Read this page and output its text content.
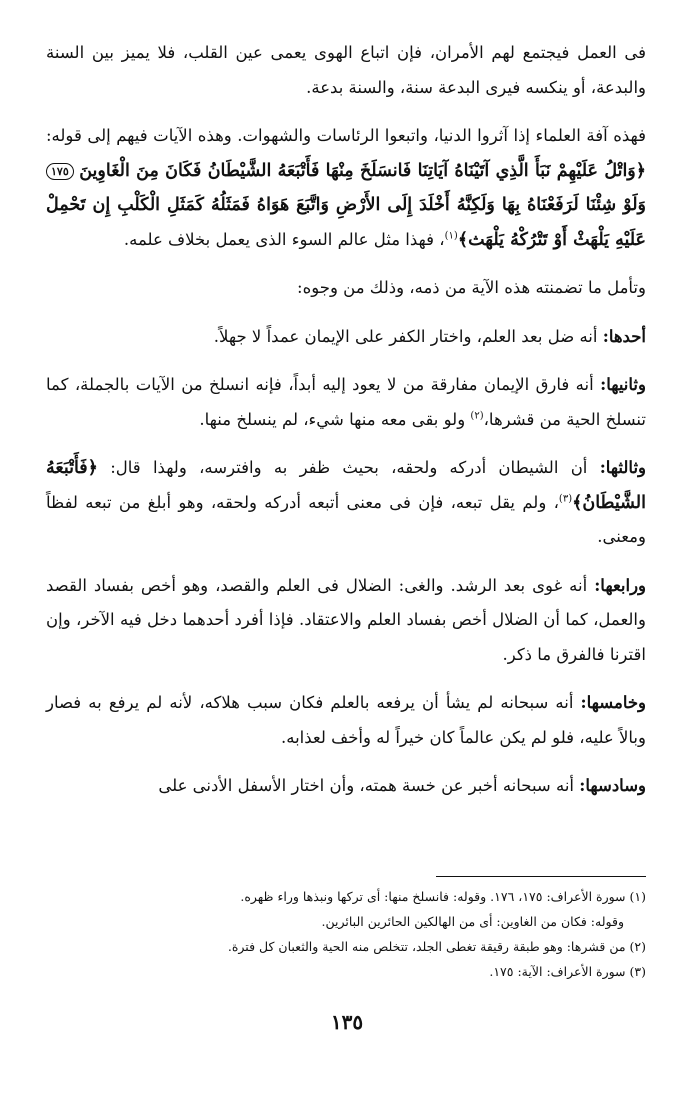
فى العمل فيجتمع لهم الأمران، فإن اتباع الهوى يعمى عين القلب، فلا يميز بين السنة والبدعة، أو ينكسه فيرى البدعة سنة، والسنة بدعة.

فهذه آفة العلماء إذا آثروا الدنيا، واتبعوا الرئاسات والشهوات. وهذه الآيات فيهم إلى قوله: ﴿وَاتْلُ عَلَيْهِمْ نَبَأَ الَّذِي آتَيْنَاهُ آيَاتِنَا فَانسَلَخَ مِنْهَا فَأَتْبَعَهُ الشَّيْطَانُ فَكَانَ مِنَ الْغَاوِينَ ١٧٥ وَلَوْ شِئْنَا لَرَفَعْنَاهُ بِهَا وَلَكِنَّهُ أَخْلَدَ إِلَى الأَرْضِ وَاتَّبَعَ هَوَاهُ فَمَثَلُهُ كَمَثَلِ الْكَلْبِ إِن تَحْمِلْ عَلَيْهِ يَلْهَثْ أَوْ تَتْرُكْهُ يَلْهَث﴾$^{(١)}$، فهذا مثل عالم السوء الذى يعمل بخلاف علمه.

وتأمل ما تضمنته هذه الآية من ذمه، وذلك من وجوه:

أحدها: أنه ضل بعد العلم، واختار الكفر على الإيمان عمداً لا جهلاً.

وثانيها: أنه فارق الإيمان مفارقة من لا يعود إليه أبداً، فإنه انسلخ من الآيات بالجملة، كما تنسلخ الحية من قشرها،$^{(٢)}$ ولو بقى معه منها شيء، لم ينسلخ منها.

وثالثها: أن الشيطان أدركه ولحقه، بحيث ظفر به وافترسه، ولهذا قال: ﴿فَأَتْبَعَهُ الشَّيْطَانُ﴾$^{(٣)}$، ولم يقل تبعه، فإن فى معنى أتبعه أدركه ولحقه، وهو أبلغ من تبعه لفظاً ومعنى.

ورابعها: أنه غوى بعد الرشد. والغى: الضلال فى العلم والقصد، وهو أخص بفساد القصد والعمل، كما أن الضلال أخص بفساد العلم والاعتقاد. فإذا أفرد أحدهما دخل فيه الآخر، وإن اقترنا فالفرق ما ذكر.

وخامسها: أنه سبحانه لم يشأ أن يرفعه بالعلم فكان سبب هلاكه، لأنه لم يرفع به فصار وبالاً عليه، فلو لم يكن عالماً كان خيراً له وأخف لعذابه.

وسادسها: أنه سبحانه أخبر عن خسة همته، وأن اختار الأسفل الأدنى على

(١) سورة الأعراف: ١٧٥، ١٧٦. وقوله: فانسلخ منها: أى تركها ونبذها وراء ظهره.

وقوله: فكان من الغاوين: أى من الهالكين الحائرين البائرين.

(٢) من قشرها: وهو طبقة رقيقة تغطى الجلد، تتخلص منه الحية والثعبان كل فترة.

(٣) سورة الأعراف: الآية: ١٧٥.

١٣٥
